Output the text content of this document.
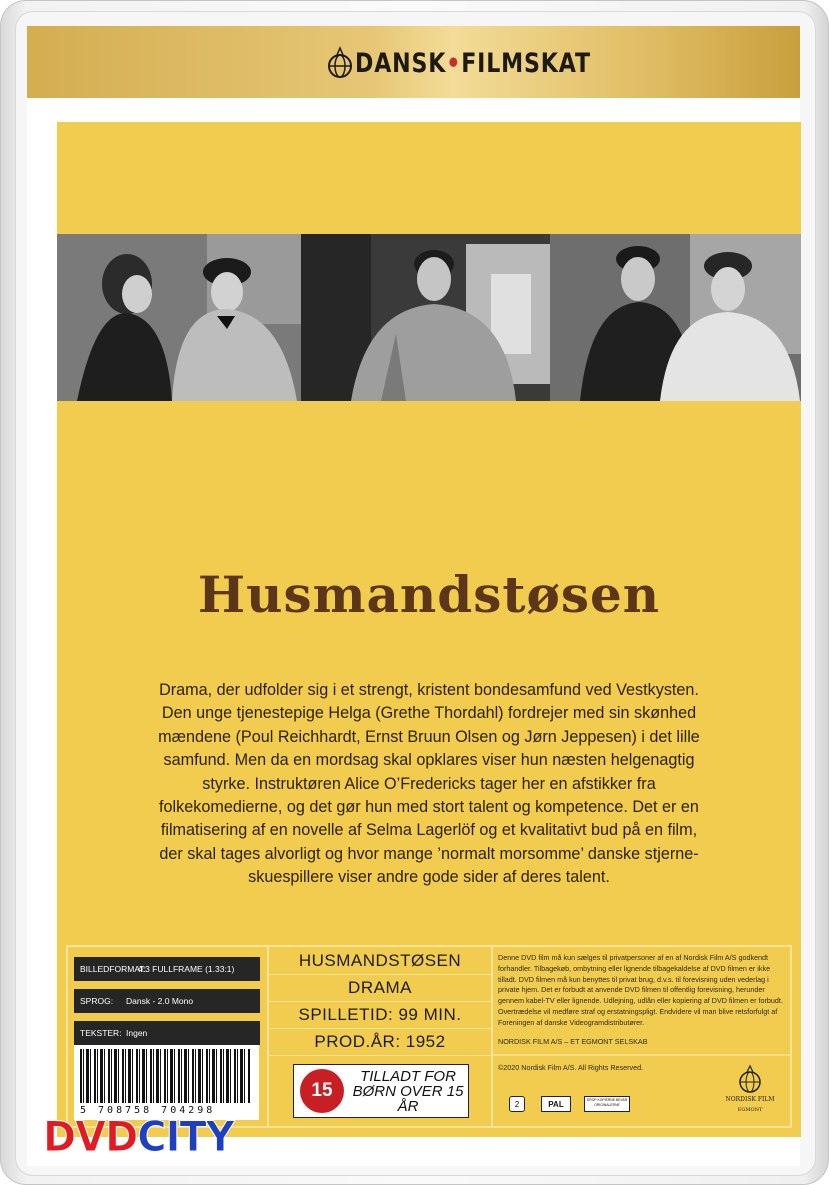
DANSK•FILMSKAT
Husmandstøsen

Drama, der udfolder sig i et strengt, kristent bondesamfund ved Vestkysten. Den unge tjenestepige Helga (Grethe Thordahl) fordrejer med sin skønhed mændene (Poul Reichhardt, Ernst Bruun Olsen og Jørn Jeppesen) i det lille samfund. Men da en mordsag skal opklares viser hun næsten helgenagtig styrke. Instruktøren Alice O’Fredericks tager her en afstikker fra folkekomedierne, og det gør hun med stort talent og kompetence. Det er en filmatisering af en novelle af Selma Lagerlöf og et kvalitativt bud på en film, der skal tages alvorligt og hvor mange ’normalt morsomme’ danske stjerne-skuespillere viser andre gode sider af deres talent.

BILLEDFORMAT:
4:3 FULLFRAME (1.33:1)
SPROG:	Dansk - 2.0 Mono
TEKSTER: Ingen
HUSMANDSTØSEN
DRAMA
SPILLETID: 99 MIN.
PROD.ÅR: 1952
15
TILLADT FOR BØRN OVER 15 ÅR
Denne DVD film må kun sælges til privatpersoner af en af Nordisk Film A/S godkendt forhandler. Tilbagekøb, ombytning eller lignende tilbagekaldelse af DVD filmen er ikke tilladt. DVD filmen må kun benyttes til privat brug, d.v.s. til forevisning uden vederlag i private hjem. Det er forbudt at anvende DVD filmen til offentlig forevisning, herunder gennem kabel-TV eller lignende. Udlejning, udlån eller kopiering af DVD filmen er forbudt. Overtrædelse vil medføre straf og erstatningspligt. Endvidere vil man blive retsforfulgt af Foreningen af danske Videogramdistributører.
NORDISK FILM A/S – ET EGMONT SELSKAB
©2020 Nordisk Film A/S. All Rights Reserved.
2	PAL	DROP KOPIERNE BEVAR ORIGINALERNE
5 708758 704298
NORDISK FILM
EGMONT
DVDCITY
